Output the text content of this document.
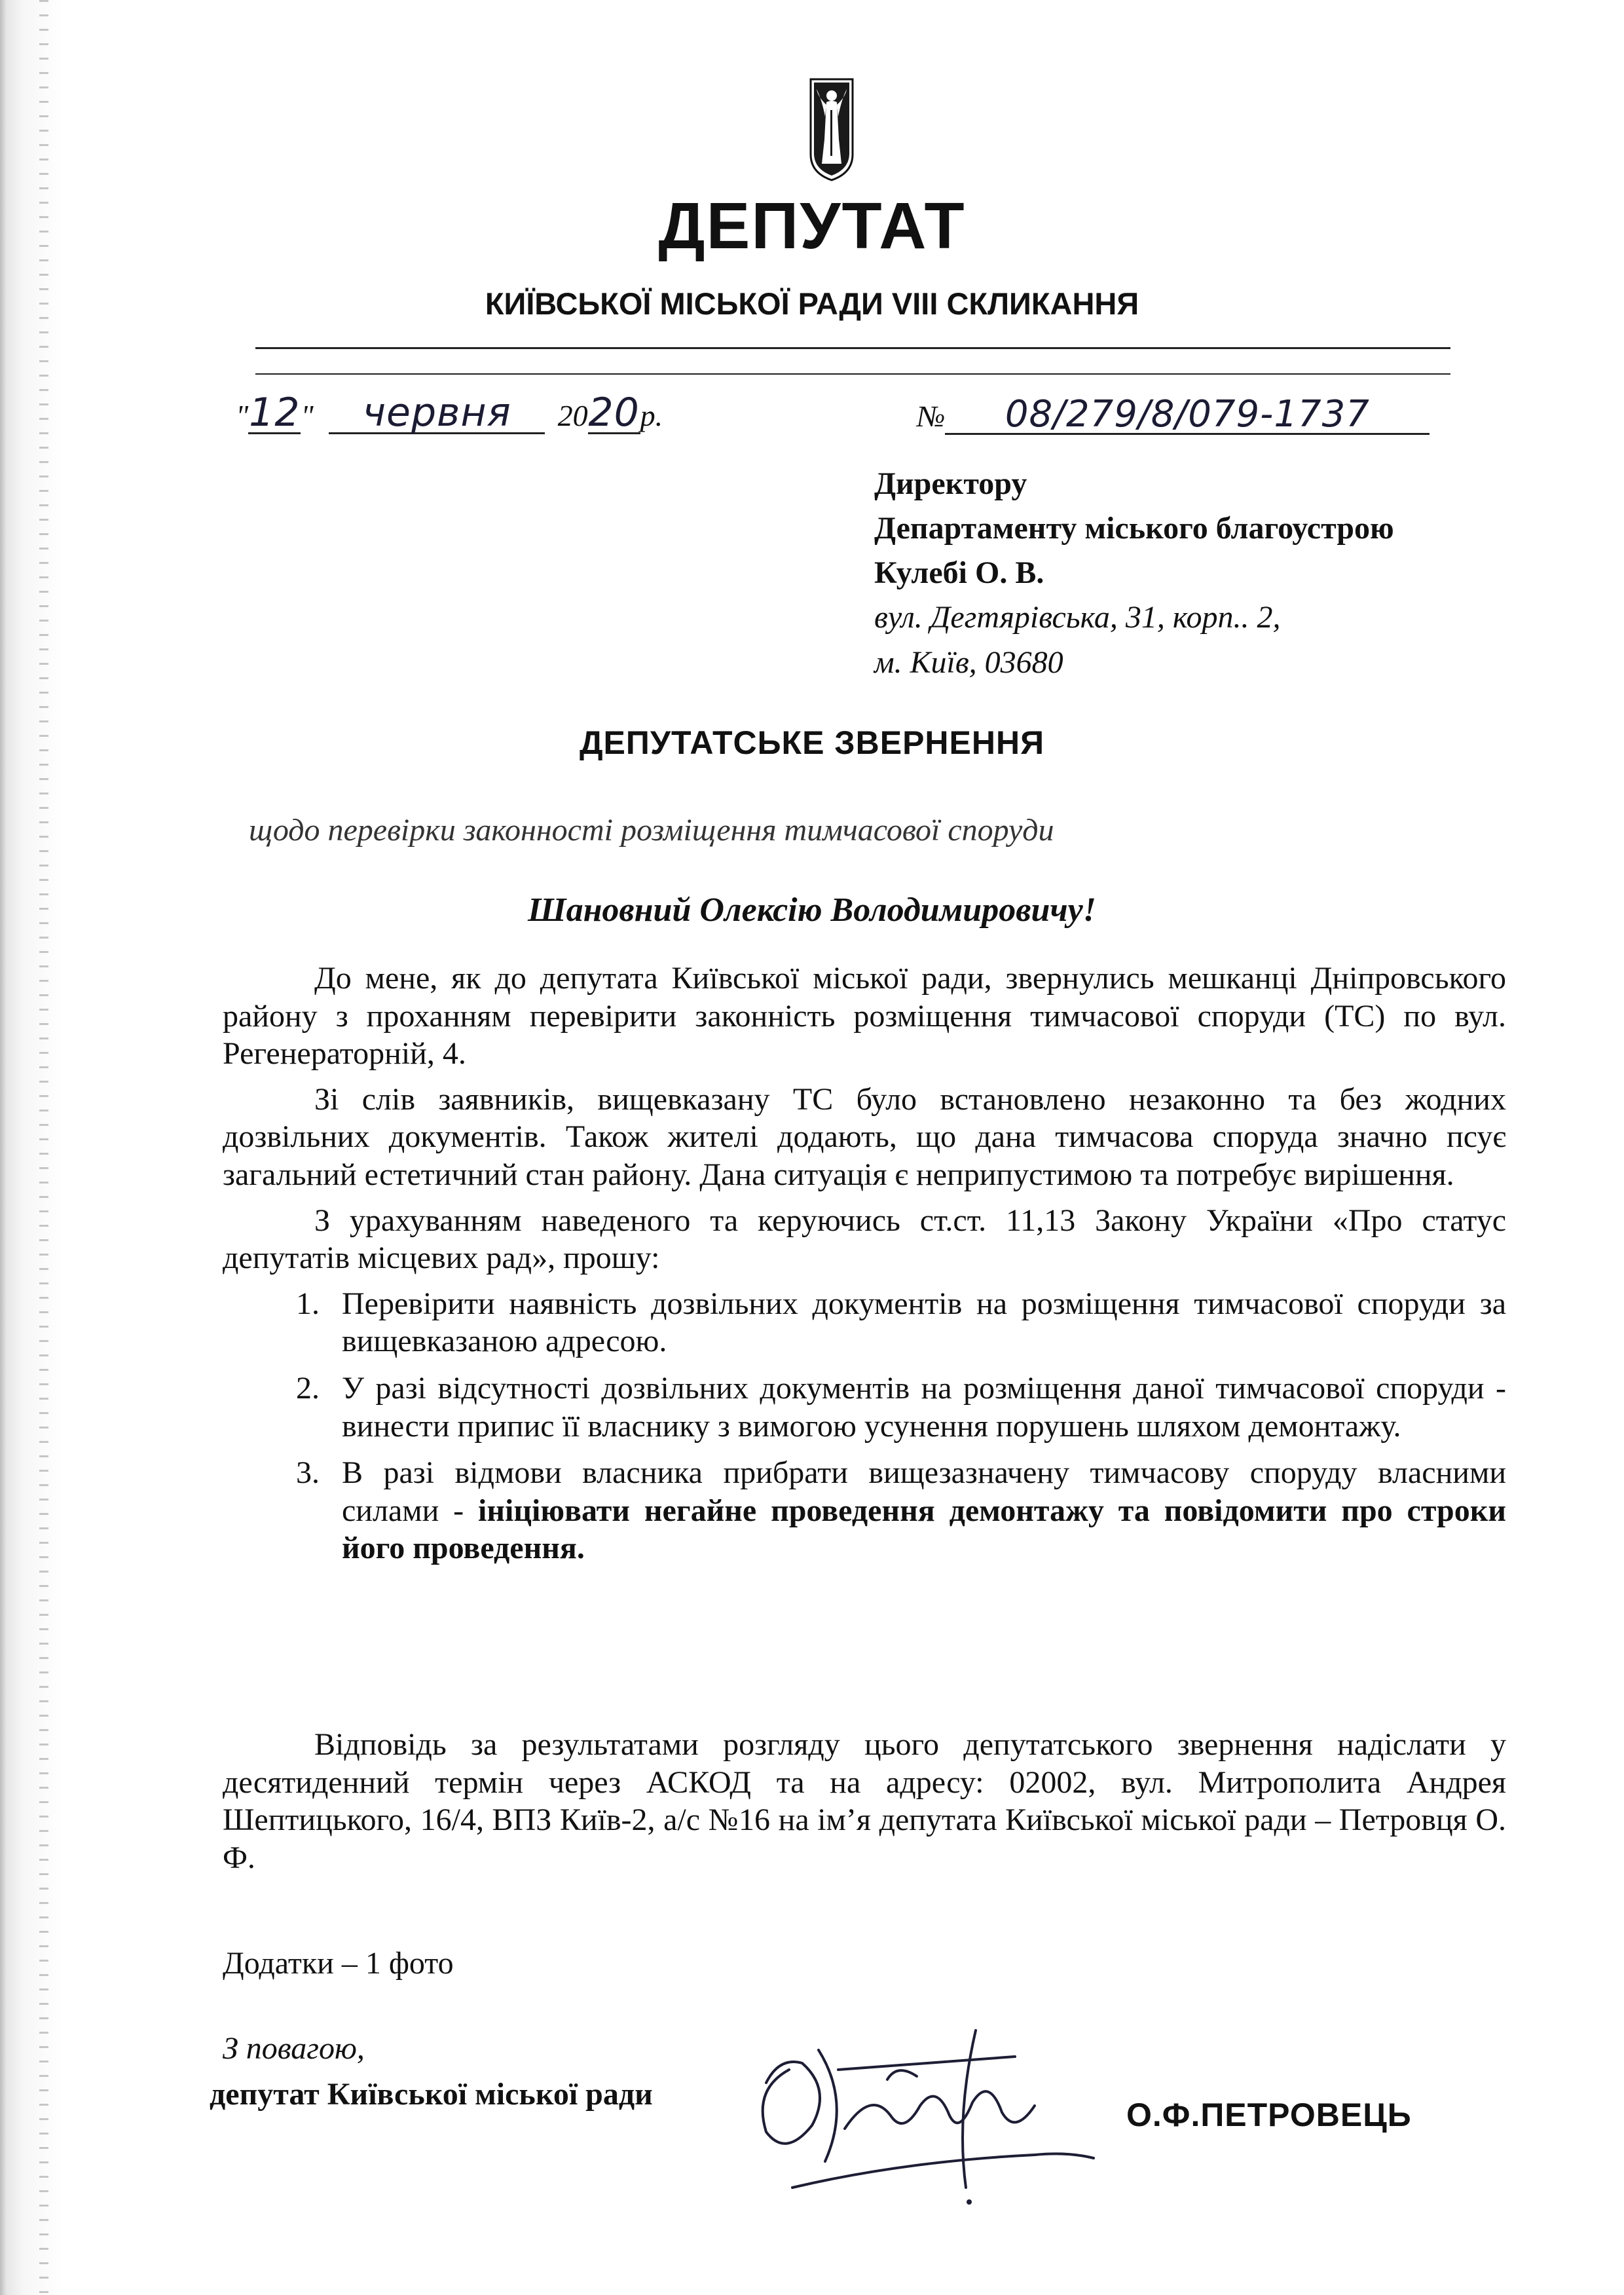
ДЕПУТАТ
КИЇВСЬКОЇ МІСЬКОЇ РАДИ VIII СКЛИКАННЯ
"12" червня 2020р.	№ 08/279/8/079-1737
Директору
Департаменту міського благоустрою
Кулебі О. В.
вул. Дегтярівська, 31, корп.. 2,
м. Київ, 03680
ДЕПУТАТСЬКЕ ЗВЕРНЕННЯ
щодо перевірки законності розміщення тимчасової споруди
Шановний Олексію Володимировичу!

До мене, як до депутата Київської міської ради, звернулись мешканці Дніпровського району з проханням перевірити законність розміщення тимчасової споруди (ТС) по вул. Регенераторній, 4.

Зі слів заявників, вищевказану ТС було встановлено незаконно та без жодних дозвільних документів. Також жителі додають, що дана тимчасова споруда значно псує загальний естетичний стан району. Дана ситуація є неприпустимою та потребує вирішення.

З урахуванням наведеного та керуючись ст.ст. 11,13 Закону України «Про статус депутатів місцевих рад», прошу:

1. Перевірити наявність дозвільних документів на розміщення тимчасової споруди за вищевказаною адресою.
2. У разі відсутності дозвільних документів на розміщення даної тимчасової споруди - винести припис її власнику з вимогою усунення порушень шляхом демонтажу.
3. В разі відмови власника прибрати вищезазначену тимчасову споруду власними силами - ініціювати негайне проведення демонтажу та повідомити про строки його проведення.

Відповідь за результатами розгляду цього депутатського звернення надіслати у десятиденний термін через АСКОД та на адресу: 02002, вул. Митрополита Андрея Шептицького, 16/4, ВПЗ Київ-2, а/с №16 на ім’я депутата Київської міської ради – Петровця О. Ф.

Додатки – 1 фото
З повагою,
депутат Київської міської ради
О.Ф.ПЕТРОВЕЦЬ
